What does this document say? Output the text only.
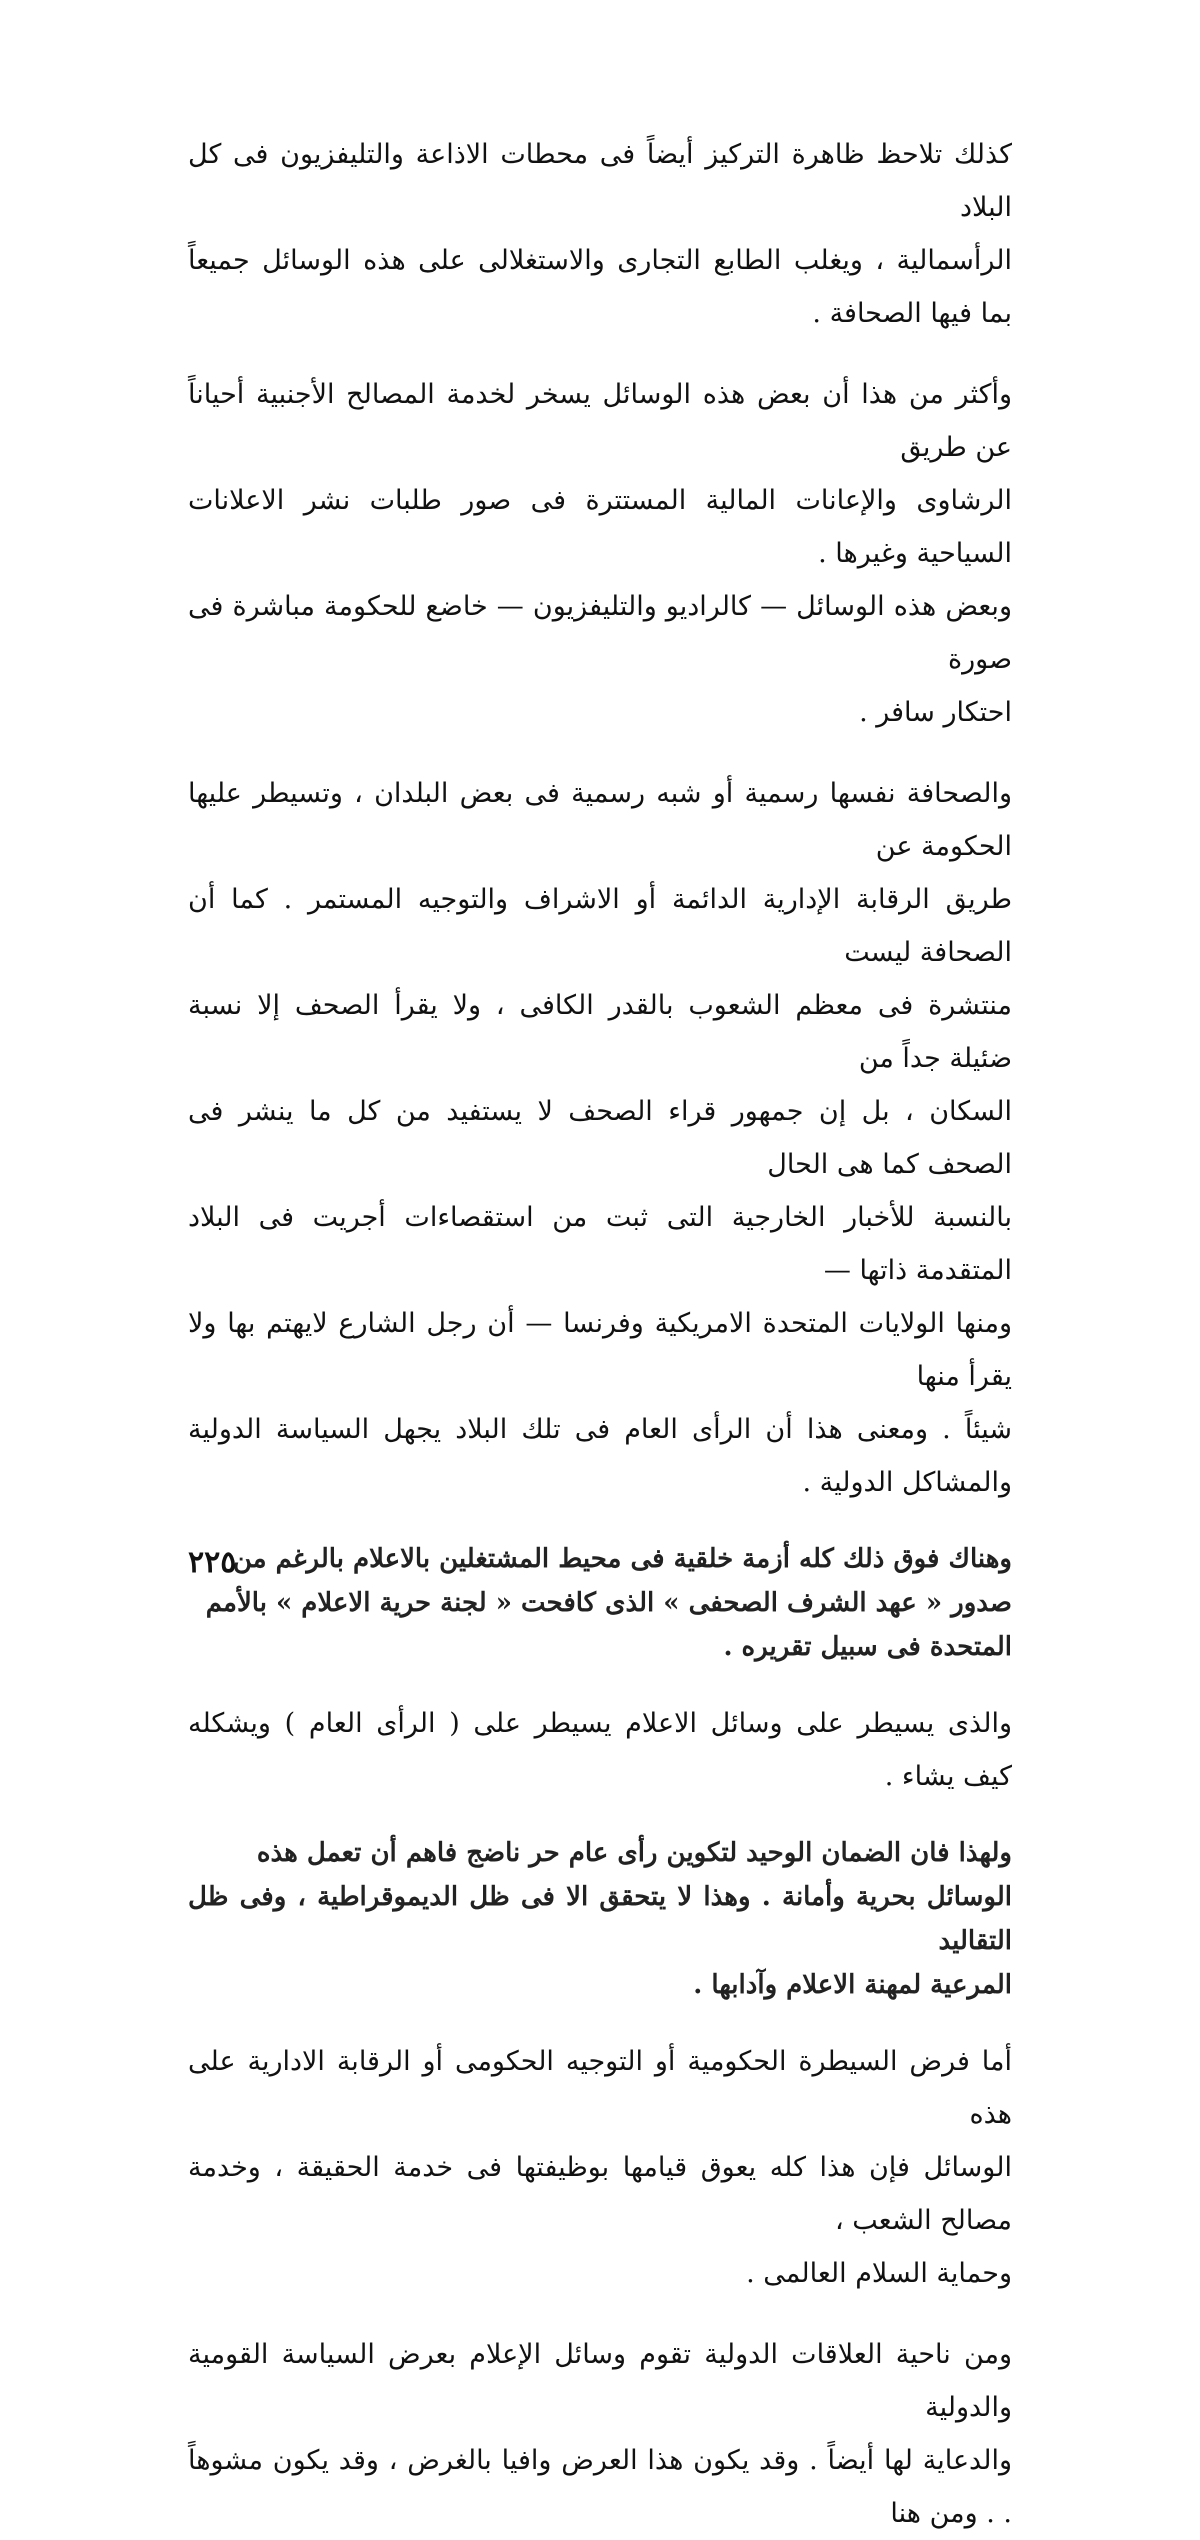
كذلك تلاحظ ظاهرة التركيز أيضاً فى محطات الاذاعة والتليفزيون فى كل البلاد
الرأسمالية ، ويغلب الطابع التجارى والاستغلالى على هذه الوسائل جميعاً بما فيها الصحافة .
وأكثر من هذا أن بعض هذه الوسائل يسخر لخدمة المصالح الأجنبية أحياناً عن طريق
الرشاوى والإعانات المالية المستترة فى صور طلبات نشر الاعلانات السياحية وغيرها .
وبعض هذه الوسائل — كالراديو والتليفزيون — خاضع للحكومة مباشرة فى صورة
احتكار سافر .
والصحافة نفسها رسمية أو شبه رسمية فى بعض البلدان ، وتسيطر عليها الحكومة عن
طريق الرقابة الإدارية الدائمة أو الاشراف والتوجيه المستمر . كما أن الصحافة ليست
منتشرة فى معظم الشعوب بالقدر الكافى ، ولا يقرأ الصحف إلا نسبة ضئيلة جداً من
السكان ، بل إن جمهور قراء الصحف لا يستفيد من كل ما ينشر فى الصحف كما هى الحال
بالنسبة للأخبار الخارجية التى ثبت من استقصاءات أجريت فى البلاد المتقدمة ذاتها —
ومنها الولايات المتحدة الامريكية وفرنسا — أن رجل الشارع لايهتم بها ولا يقرأ منها
شيئاً . ومعنى هذا أن الرأى العام فى تلك البلاد يجهل السياسة الدولية والمشاكل الدولية .
وهناك فوق ذلك كله أزمة خلقية فى محيط المشتغلين بالاعلام بالرغم من
صدور « عهد الشرف الصحفى » الذى كافحت « لجنة حرية الاعلام » بالأمم
المتحدة فى سبيل تقريره .
والذى يسيطر على وسائل الاعلام يسيطر على ( الرأى العام ) ويشكله كيف يشاء .
ولهذا فان الضمان الوحيد لتكوين رأى عام حر ناضج فاهم أن تعمل هذه
الوسائل بحرية وأمانة . وهذا لا يتحقق الا فى ظل الديموقراطية ، وفى ظل التقاليد
المرعية لمهنة الاعلام وآدابها .
أما فرض السيطرة الحكومية أو التوجيه الحكومى أو الرقابة الادارية على هذه
الوسائل فإن هذا كله يعوق قيامها بوظيفتها فى خدمة الحقيقة ، وخدمة مصالح الشعب ،
وحماية السلام العالمى .
ومن ناحية العلاقات الدولية تقوم وسائل الإعلام بعرض السياسة القومية والدولية
والدعاية لها أيضاً . وقد يكون هذا العرض وافيا بالغرض ، وقد يكون مشوهاً . . ومن هنا
٢٢٥
